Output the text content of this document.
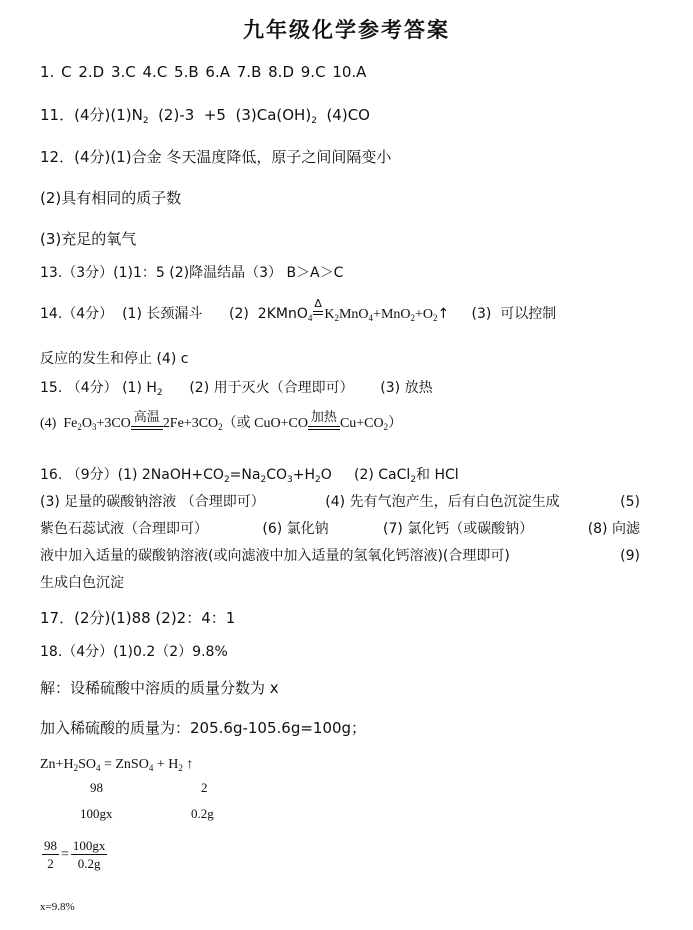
九年级化学参考答案
1. C 2.D 3.C 4.C 5.B 6.A 7.B 8.D 9.C 10.A
11．(4分)$(1)N_2$  (2)-3  +5  $(3)Ca(OH)_2$  (4)CO
12．(4分)(1)合金 冬天温度降低，原子之间间隔变小
(2)具有相同的质子数
(3)充足的氧气
13.（3分）(1)1：5 (2)降温结晶（3） B＞A＞C
14.（4分）  (1) 长颈漏斗      (2)  2KMnO$_4$
Δ
$K_2MnO_4+MnO_2+O_2↑$     (3)  可以控制
反应的发生和停止 (4) c
15. （4分） (1) $H_2$      (2) 用于灭火（合理即可）      (3) 放热
(4)  $Fe_2O_3+3CO$ 高温 $2Fe+3CO_2$（或 CuO+CO 加热 $Cu+CO_2$）
16. （9分）(1) $2NaOH+CO_2=Na_2CO_3+H_2O$     (2) CaCl$_2$和 HCl
(3) 足量的碳酸钠溶液 （合理即可）	(4) 先有气泡产生，后有白色沉淀生成	(5)
紫色石蕊试液（合理即可）	(6) 氯化钠	(7) 氯化钙（或碳酸钠）	(8) 向滤
液中加入适量的碳酸钠溶液(或向滤液中加入适量的氢氧化钙溶液)(合理即可)	(9)
生成白色沉淀
17．(2分)(1)88 (2)2：4：1
18.（4分）(1)0.2（2）9.8%
解：设稀硫酸中溶质的质量分数为 x
加入稀硫酸的质量为：205.6g-105.6g=100g；
$Zn+H_2SO_4$ = ZnSO$_4$ + $H_2$ ↑
98	2
100gx	0.2g
$\frac{98}{2} = \frac{100gx}{0.2g}$
x=9.8%
